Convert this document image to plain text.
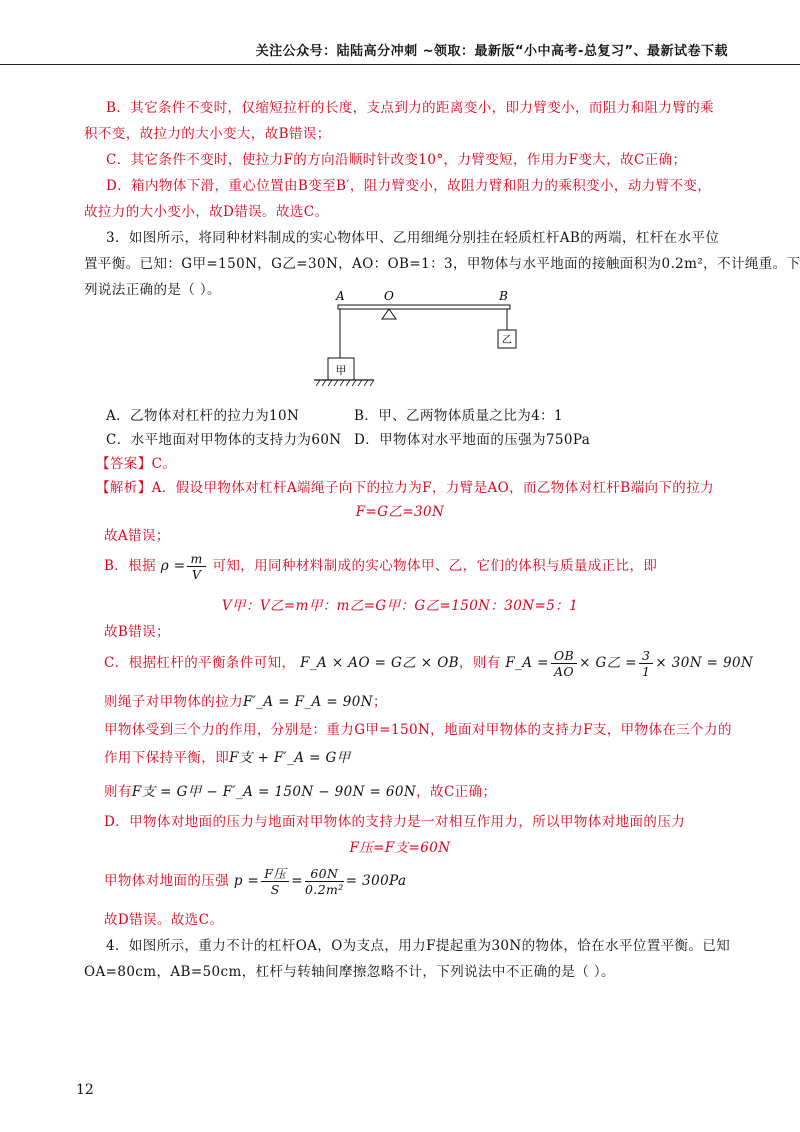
关注公众号：陆陆高分冲刺 ~领取：最新版“小中高考-总复习”、最新试卷下载
B．其它条件不变时，仅缩短拉杆的长度，支点到力的距离变小，即力臂变小，而阻力和阻力臂的乘
积不变，故拉力的大小变大，故B错误；
C．其它条件不变时，使拉力F的方向沿顺时针改变10°，力臂变短，作用力F变大，故C正确；
D．箱内物体下滑，重心位置由B变至B′，阻力臂变小，故阻力臂和阻力的乘积变小，动力臂不变，
故拉力的大小变小，故D错误。故选C。
3．如图所示，将同种材料制成的实心物体甲、乙用细绳分别挂在轻质杠杆AB的两端，杠杆在水平位
置平衡。已知：G甲=150N，G乙=30N，AO：OB=1：3，甲物体与水平地面的接触面积为0.2m²，不计绳重。下
列说法正确的是（ ）。	A	O	B
乙
甲
A．乙物体对杠杆的拉力为10N	B．甲、乙两物体质量之比为4：1
C．水平地面对甲物体的支持力为60N D．甲物体对水平地面的压强为750Pa
【答案】C。
【解析】A．假设甲物体对杠杆A端绳子向下的拉力为F，力臂是AO，而乙物体对杠杆B端向下的拉力
F=G乙=30N
故A错误；
B．根据 $\rho = \frac{m}{V}$ 可知，用同种材料制成的实心物体甲、乙，它们的体积与质量成正比，即
V甲：V乙=m甲：m乙=G甲：G乙=150N：30N=5：1
故B错误；
C．根据杠杆的平衡条件可知， F_A × AO = G乙 × OB，则有 F_A = $\frac{OB}{AO} \times G$乙 = $\frac{3}{1} \times 30N = 90N$
则绳子对甲物体的拉力F′_A = F_A = 90N；
甲物体受到三个力的作用，分别是：重力G甲=150N，地面对甲物体的支持力F支，甲物体在三个力的
作用下保持平衡，即F支 + F′_A = G甲
则有F支 = G甲 − F′_A = 150N − 90N = 60N，故C正确；
D．甲物体对地面的压力与地面对甲物体的支持力是一对相互作用力，所以甲物体对地面的压力
F压=F支=60N
甲物体对地面的压强 $p = \frac{\text{F压}}{S} = \frac{60N}{\text{0.2m²}} = 300Pa$
故D错误。故选C。
4．如图所示，重力不计的杠杆OA，O为支点，用力F提起重为30N的物体，恰在水平位置平衡。已知
OA=80cm，AB=50cm，杠杆与转轴间摩擦忽略不计，下列说法中不正确的是（ ）。
12
